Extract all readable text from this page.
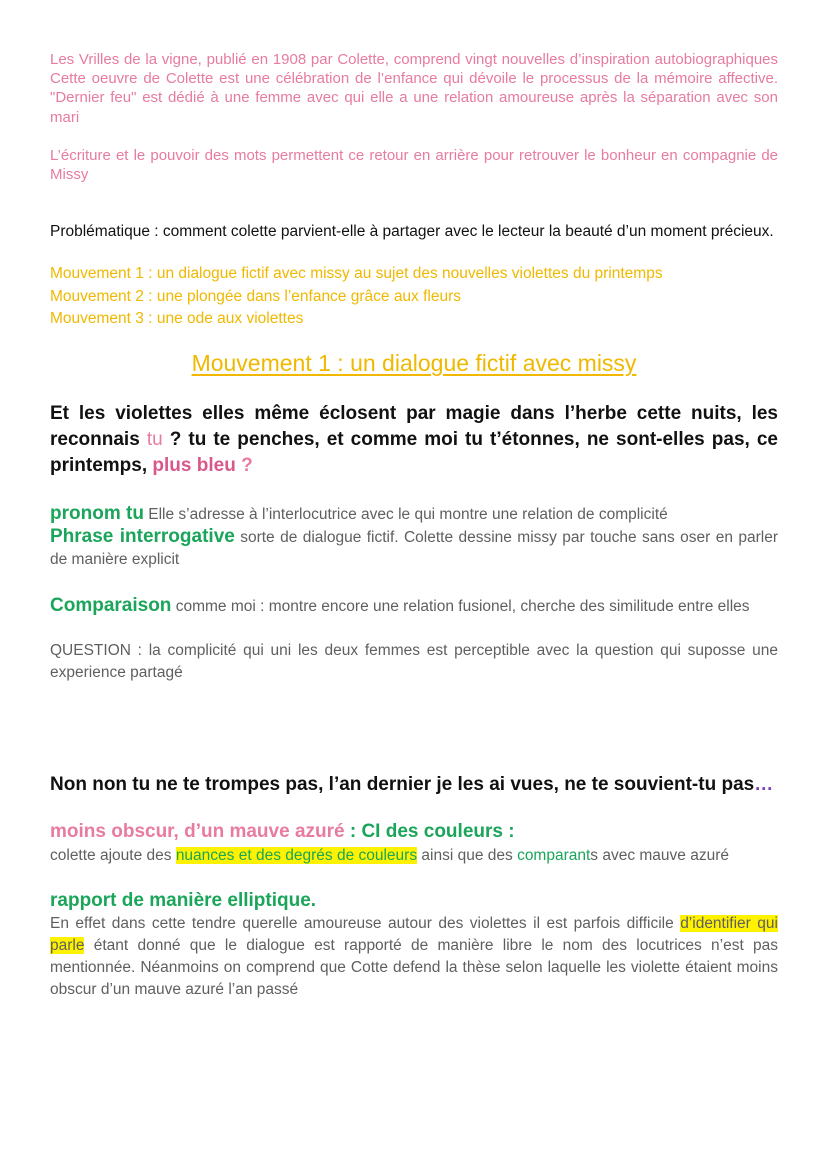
Les Vrilles de la vigne, publié en 1908 par Colette, comprend vingt nouvelles d’inspiration autobiographiques Cette oeuvre de Colette est une célébration de l’enfance qui dévoile le processus de la mémoire affective. "Dernier feu" est dédié à une femme avec qui elle a une relation amoureuse après la séparation avec son mari

L’écriture et le pouvoir des mots permettent ce retour en arrière pour retrouver le bonheur en compagnie de Missy

Problématique : comment colette parvient-elle à partager avec le lecteur la beauté d’un moment précieux.

Mouvement 1 : un dialogue fictif avec missy au sujet des nouvelles violettes du printemps

Mouvement 2 : une plongée dans l’enfance grâce aux fleurs

Mouvement 3 : une ode aux violettes

Mouvement 1 : un dialogue fictif avec missy

Et les violettes elles même éclosent par magie dans l’herbe cette nuits, les reconnais tu ? tu te penches, et comme moi tu t’étonnes, ne sont-elles pas, ce printemps, plus bleu ?

pronom tu Elle s’adresse à l’interlocutrice avec le qui montre une relation de complicité

Phrase interrogative sorte de dialogue fictif. Colette dessine missy par touche sans oser en parler de manière explicit

Comparaison comme moi : montre encore une relation fusionel, cherche des similitude entre elles

QUESTION : la complicité qui uni les deux femmes est perceptible avec la question qui suposse une experience partagé

Non non tu ne te trompes pas, l’an dernier je les ai vues, ne te souvient-tu pas…

moins obscur, d’un mauve azuré : CI des couleurs :

colette ajoute des nuances et des degrés de couleurs ainsi que des comparants avec mauve azuré

rapport de manière elliptique.

En effet dans cette tendre querelle amoureuse autour des violettes il est parfois difficile d’identifier qui parle étant donné que le dialogue est rapporté de manière libre le nom des locutrices n’est pas mentionnée. Néanmoins on comprend que Cotte defend la thèse selon laquelle les violette étaient moins obscur d’un mauve azuré l’an passé
